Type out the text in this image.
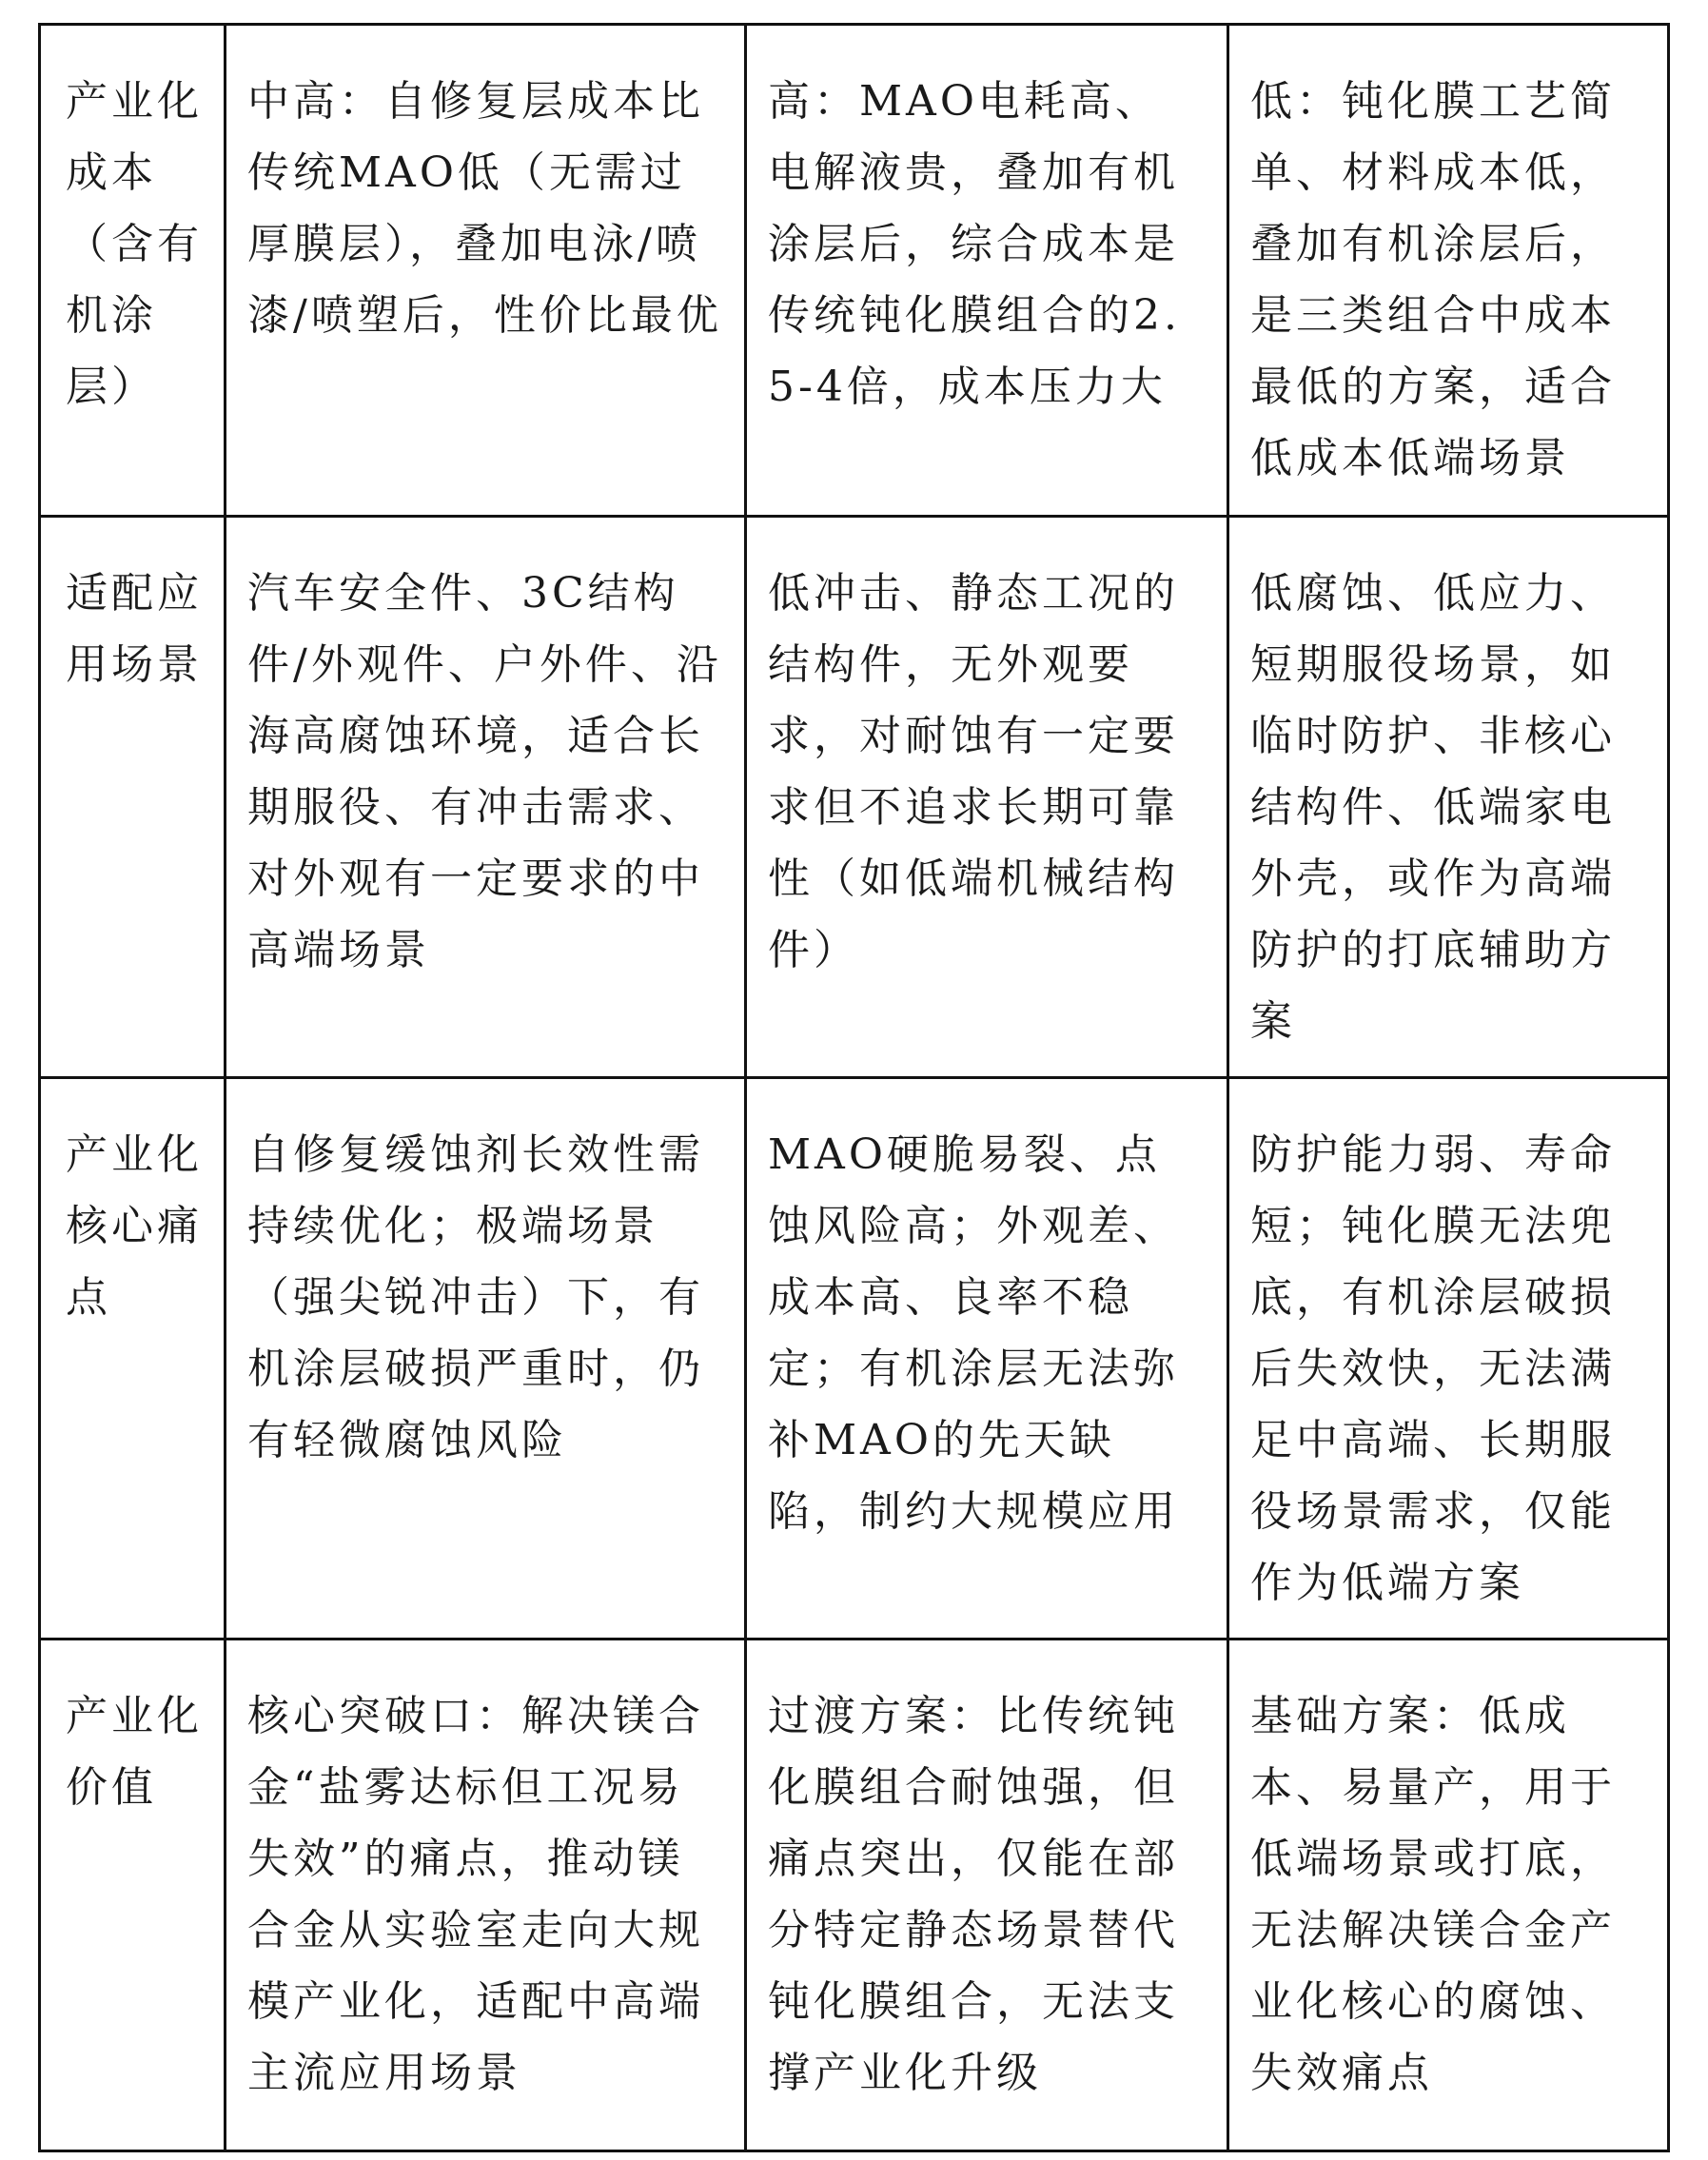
产业化成本（含有机涂层）	中高：自修复层成本比传统MAO低（无需过厚膜层），叠加电泳/喷漆/喷塑后，性价比最优	高：MAO电耗高、电解液贵，叠加有机涂层后，综合成本是传统钝化膜组合的2.5-4倍，成本压力大	低：钝化膜工艺简单、材料成本低，叠加有机涂层后，是三类组合中成本最低的方案，适合低成本低端场景
适配应用场景	汽车安全件、3C结构件/外观件、户外件、沿海高腐蚀环境，适合长期服役、有冲击需求、对外观有一定要求的中高端场景	低冲击、静态工况的结构件，无外观要求，对耐蚀有一定要求但不追求长期可靠性（如低端机械结构件）	低腐蚀、低应力、短期服役场景，如临时防护、非核心结构件、低端家电外壳，或作为高端防护的打底辅助方案
产业化核心痛点	自修复缓蚀剂长效性需持续优化；极端场景（强尖锐冲击）下，有机涂层破损严重时，仍有轻微腐蚀风险	MAO硬脆易裂、点蚀风险高；外观差、成本高、良率不稳定；有机涂层无法弥补MAO的先天缺陷，制约大规模应用	防护能力弱、寿命短；钝化膜无法兜底，有机涂层破损后失效快，无法满足中高端、长期服役场景需求，仅能作为低端方案
产业化价值	核心突破口：解决镁合金“盐雾达标但工况易失效”的痛点，推动镁合金从实验室走向大规模产业化，适配中高端主流应用场景	过渡方案：比传统钝化膜组合耐蚀强，但痛点突出，仅能在部分特定静态场景替代钝化膜组合，无法支撑产业化升级	基础方案：低成本、易量产，用于低端场景或打底，无法解决镁合金产业化核心的腐蚀、失效痛点
